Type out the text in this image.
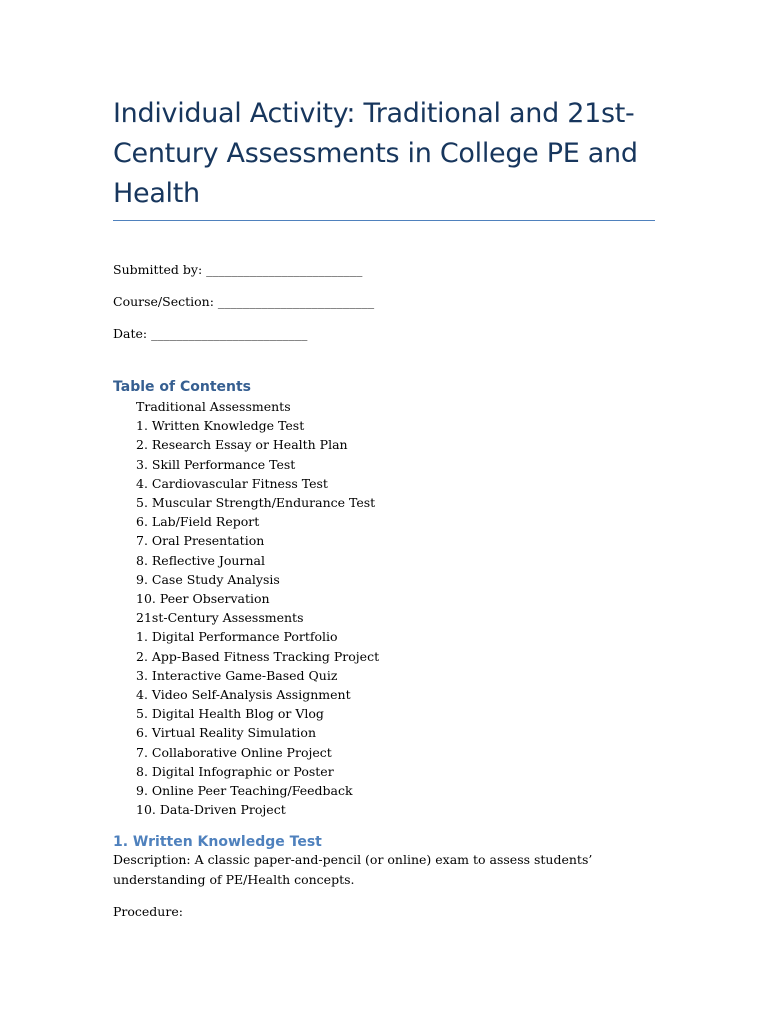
Individual Activity: Traditional and 21st-Century Assessments in College PE and Health

Submitted by: _________________________

Course/Section: _________________________

Date: _________________________

Table of Contents
Traditional Assessments
1. Written Knowledge Test
2. Research Essay or Health Plan
3. Skill Performance Test
4. Cardiovascular Fitness Test
5. Muscular Strength/Endurance Test
6. Lab/Field Report
7. Oral Presentation
8. Reflective Journal
9. Case Study Analysis
10. Peer Observation
21st-Century Assessments
1. Digital Performance Portfolio
2. App-Based Fitness Tracking Project
3. Interactive Game-Based Quiz
4. Video Self-Analysis Assignment
5. Digital Health Blog or Vlog
6. Virtual Reality Simulation
7. Collaborative Online Project
8. Digital Infographic or Poster
9. Online Peer Teaching/Feedback
10. Data-Driven Project
1. Written Knowledge Test

Description: A classic paper-and-pencil (or online) exam to assess students’ understanding of PE/Health concepts.

Procedure:
